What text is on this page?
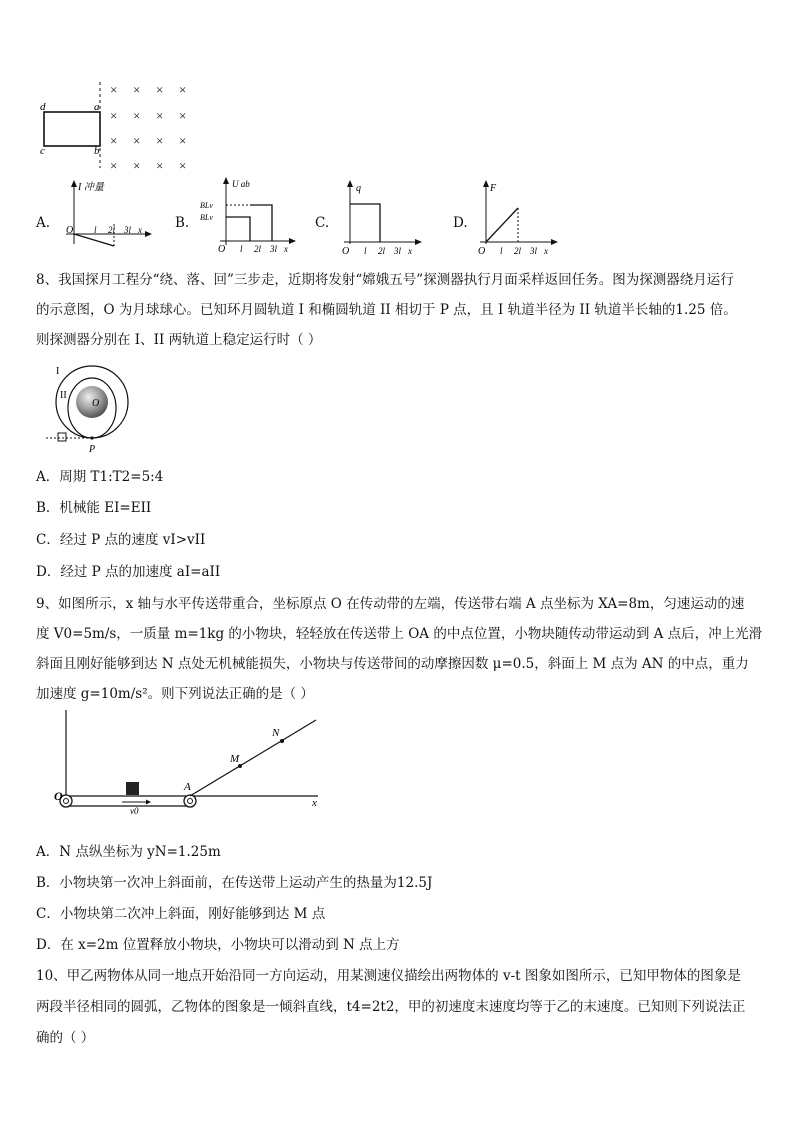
d	a
c	b
× × × ×
× × × ×
× × × ×
× × × ×
A.
I 冲量
O l 2l 3l x B.
U ab
BLv
BLv
O l 2l 3l x
C.
q
O l 2l 3l x
D.
F
O l 2l 3l x
8、我国探月工程分“绕、落、回”三步走，近期将发射“嫦娥五号”探测器执行月面采样返回任务。图为探测器绕月运行
的示意图，O 为月球球心。已知环月圆轨道 I 和椭圆轨道 II 相切于 P 点，且 I 轨道半径为 II 轨道半长轴的1.25 倍。
则探测器分别在 I、II 两轨道上稳定运行时（ ）
I
II
O
P
A．周期 T1:T2=5:4
B．机械能 EI=EII
C．经过 P 点的速度 vI>vII
D．经过 P 点的加速度 aI=aII
9、如图所示，x 轴与水平传送带重合，坐标原点 O 在传动带的左端，传送带右端 A 点坐标为 XA=8m，匀速运动的速
度 V0=5m/s，一质量 m=1kg 的小物块，轻轻放在传送带上 OA 的中点位置，小物块随传动带运动到 A 点后，冲上光滑
斜面且刚好能够到达 N 点处无机械能损失，小物块与传送带间的动摩擦因数 μ=0.5，斜面上 M 点为 AN 的中点，重力
加速度 g=10m/s²。则下列说法正确的是（ ）
O
A
M
N
x
v0
A．N 点纵坐标为 yN=1.25m
B．小物块第一次冲上斜面前，在传送带上运动产生的热量为12.5J
C．小物块第二次冲上斜面，刚好能够到达 M 点
D．在 x=2m 位置释放小物块，小物块可以滑动到 N 点上方
10、甲乙两物体从同一地点开始沿同一方向运动，用某测速仪描绘出两物体的 v-t 图象如图所示，已知甲物体的图象是
两段半径相同的圆弧，乙物体的图象是一倾斜直线，t4=2t2，甲的初速度末速度均等于乙的末速度。已知则下列说法正
确的（ ）
